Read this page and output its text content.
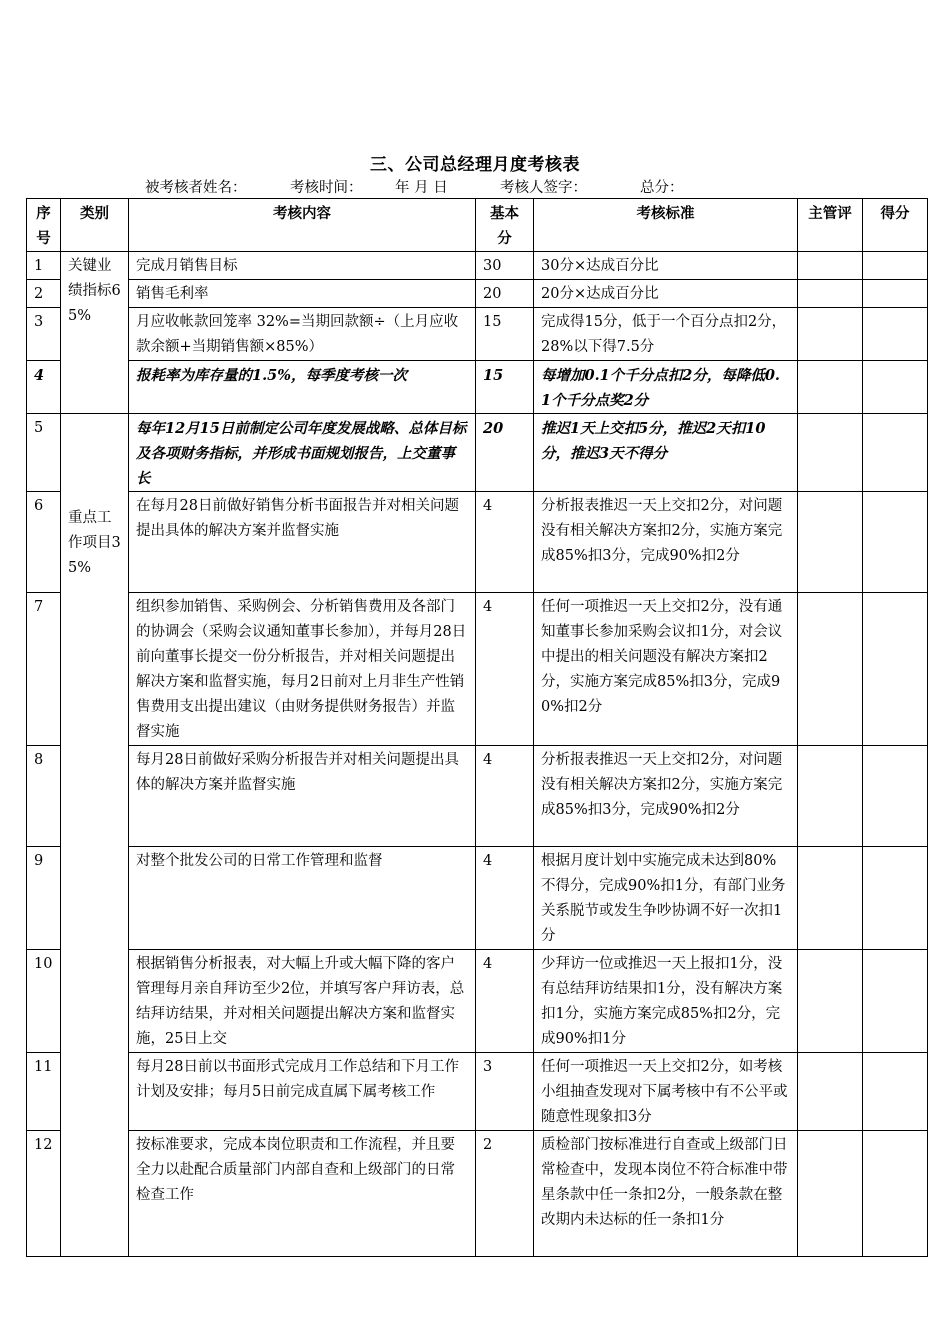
三、公司总经理月度考核表
被考核者姓名：	考核时间： 年 月 日	考核人签字：	总分：
序号	类别	考核内容	基本分	考核标准	主管评	得分
1	关键业绩指标65%	完成月销售目标	30	30分×达成百分比		
2		销售毛利率	20	20分×达成百分比		
3		月应收帐款回笼率 32%=当期回款额÷（上月应收款余额+当期销售额×85%）	15	完成得15分，低于一个百分点扣2分，28%以下得7.5分		
4		报耗率为库存量的1.5%，每季度考核一次	15	每增加0.1个千分点扣2分，每降低0.1个千分点奖2分		
5	重点工作项目35%	每年12月15日前制定公司年度发展战略、总体目标及各项财务指标，并形成书面规划报告，上交董事长	20	推迟1天上交扣5分，推迟2天扣10分，推迟3天不得分		
6		在每月28日前做好销售分析书面报告并对相关问题提出具体的解决方案并监督实施	4	分析报表推迟一天上交扣2分，对问题没有相关解决方案扣2分，实施方案完成85%扣3分，完成90%扣2分		
7		组织参加销售、采购例会、分析销售费用及各部门的协调会（采购会议通知董事长参加），并每月28日前向董事长提交一份分析报告，并对相关问题提出解决方案和监督实施，每月2日前对上月非生产性销售费用支出提出建议（由财务提供财务报告）并监督实施	4	任何一项推迟一天上交扣2分，没有通知董事长参加采购会议扣1分，对会议中提出的相关问题没有解决方案扣2分，实施方案完成85%扣3分，完成90%扣2分		
8		每月28日前做好采购分析报告并对相关问题提出具体的解决方案并监督实施	4	分析报表推迟一天上交扣2分，对问题没有相关解决方案扣2分，实施方案完成85%扣3分，完成90%扣2分		
9		对整个批发公司的日常工作管理和监督	4	根据月度计划中实施完成未达到80%不得分，完成90%扣1分，有部门业务关系脱节或发生争吵协调不好一次扣1分		
10		根据销售分析报表，对大幅上升或大幅下降的客户管理每月亲自拜访至少2位，并填写客户拜访表，总结拜访结果，并对相关问题提出解决方案和监督实施，25日上交	4	少拜访一位或推迟一天上报扣1分，没有总结拜访结果扣1分，没有解决方案扣1分，实施方案完成85%扣2分，完成90%扣1分		
11		每月28日前以书面形式完成月工作总结和下月工作计划及安排；每月5日前完成直属下属考核工作	3	任何一项推迟一天上交扣2分，如考核小组抽查发现对下属考核中有不公平或随意性现象扣3分		
12		按标准要求，完成本岗位职责和工作流程，并且要全力以赴配合质量部门内部自查和上级部门的日常检查工作	2	质检部门按标准进行自查或上级部门日常检查中，发现本岗位不符合标准中带星条款中任一条扣2分，一般条款在整改期内未达标的任一条扣1分		
